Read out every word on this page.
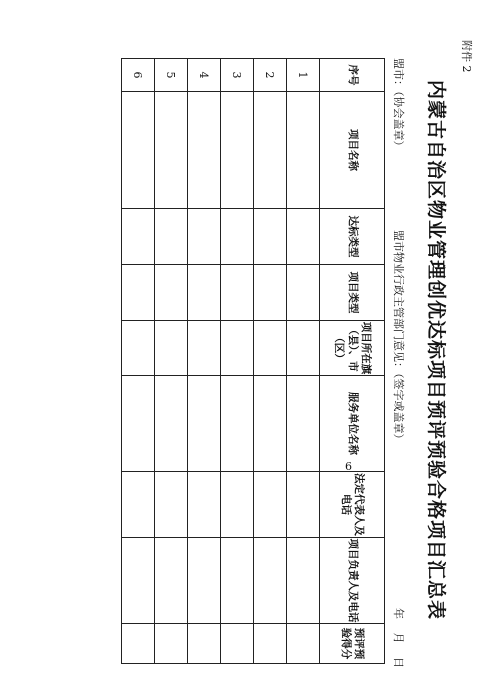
附件 2
内蒙古自治区物业管理创优达标项目预评预验合格项目汇总表
盟市：（协会盖章）
盟市物业行政主管部门意见：（签字或盖章）
年 月 日
序号	项目名称	达标类型	项目类型	项目所在旗（县）、市（区）	服务单位名称	法定代表人及电话	项目负责人及电话	预评预验得分
1								
2								
3								
4								
5								
6								
6
